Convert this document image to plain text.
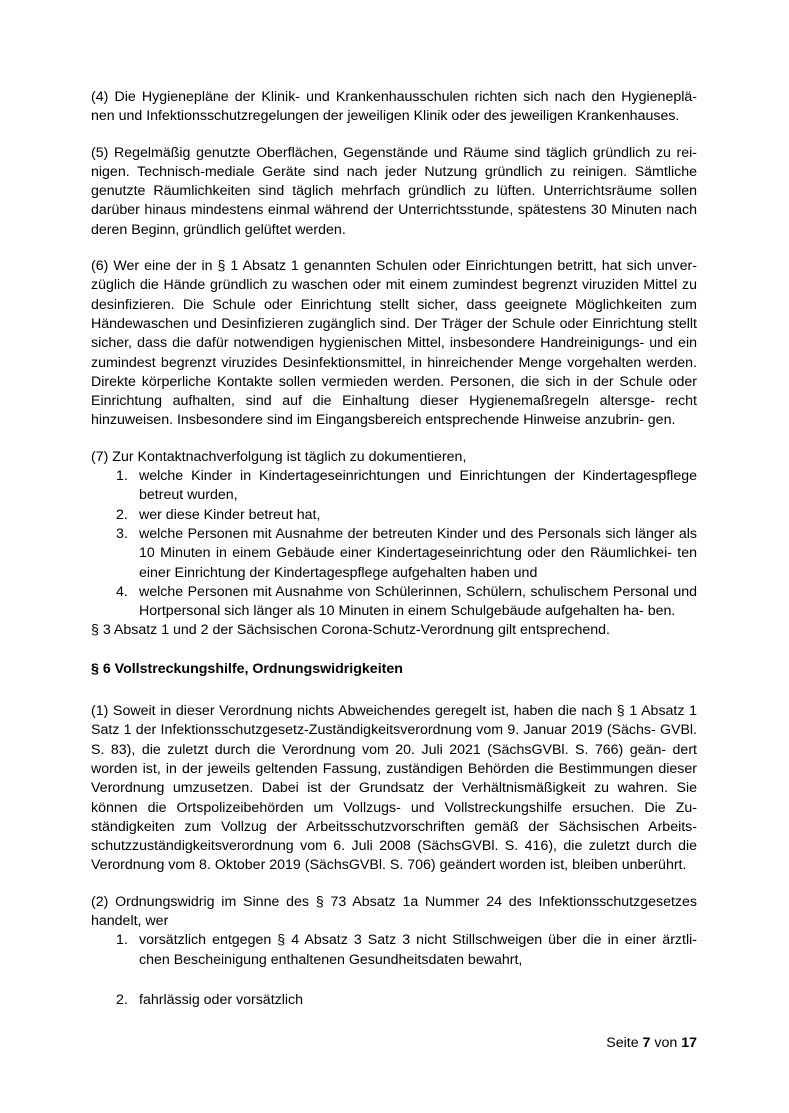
(4) Die Hygienepläne der Klinik- und Krankenhausschulen richten sich nach den Hygieneplä- nen und Infektionsschutzregelungen der jeweiligen Klinik oder des jeweiligen Krankenhauses.

(5) Regelmäßig genutzte Oberflächen, Gegenstände und Räume sind täglich gründlich zu rei- nigen. Technisch-mediale Geräte sind nach jeder Nutzung gründlich zu reinigen. Sämtliche genutzte Räumlichkeiten sind täglich mehrfach gründlich zu lüften. Unterrichtsräume sollen darüber hinaus mindestens einmal während der Unterrichtsstunde, spätestens 30 Minuten nach deren Beginn, gründlich gelüftet werden.

(6) Wer eine der in § 1 Absatz 1 genannten Schulen oder Einrichtungen betritt, hat sich unver- züglich die Hände gründlich zu waschen oder mit einem zumindest begrenzt viruziden Mittel zu desinfizieren. Die Schule oder Einrichtung stellt sicher, dass geeignete Möglichkeiten zum Händewaschen und Desinfizieren zugänglich sind. Der Träger der Schule oder Einrichtung stellt sicher, dass die dafür notwendigen hygienischen Mittel, insbesondere Handreinigungs- und ein zumindest begrenzt viruzides Desinfektionsmittel, in hinreichender Menge vorgehalten werden. Direkte körperliche Kontakte sollen vermieden werden. Personen, die sich in der Schule oder Einrichtung aufhalten, sind auf die Einhaltung dieser Hygienemaßregeln altersge- recht hinzuweisen. Insbesondere sind im Eingangsbereich entsprechende Hinweise anzubrin- gen.

(7) Zur Kontaktnachverfolgung ist täglich zu dokumentieren,

1. welche Kinder in Kindertageseinrichtungen und Einrichtungen der Kindertagespflege betreut wurden,
2. wer diese Kinder betreut hat,
3. welche Personen mit Ausnahme der betreuten Kinder und des Personals sich länger als 10 Minuten in einem Gebäude einer Kindertageseinrichtung oder den Räumlichkei- ten einer Einrichtung der Kindertagespflege aufgehalten haben und
4. welche Personen mit Ausnahme von Schülerinnen, Schülern, schulischem Personal und Hortpersonal sich länger als 10 Minuten in einem Schulgebäude aufgehalten ha- ben.

§ 3 Absatz 1 und 2 der Sächsischen Corona-Schutz-Verordnung gilt entsprechend.

§ 6 Vollstreckungshilfe, Ordnungswidrigkeiten

(1) Soweit in dieser Verordnung nichts Abweichendes geregelt ist, haben die nach § 1 Absatz 1 Satz 1 der Infektionsschutzgesetz-Zuständigkeitsverordnung vom 9. Januar 2019 (Sächs- GVBl. S. 83), die zuletzt durch die Verordnung vom 20. Juli 2021 (SächsGVBl. S. 766) geän- dert worden ist, in der jeweils geltenden Fassung, zuständigen Behörden die Bestimmungen dieser Verordnung umzusetzen. Dabei ist der Grundsatz der Verhältnismäßigkeit zu wahren. Sie können die Ortspolizeibehörden um Vollzugs- und Vollstreckungshilfe ersuchen. Die Zu- ständigkeiten zum Vollzug der Arbeitsschutzvorschriften gemäß der Sächsischen Arbeits- schutzzuständigkeitsverordnung vom 6. Juli 2008 (SächsGVBl. S. 416), die zuletzt durch die Verordnung vom 8. Oktober 2019 (SächsGVBl. S. 706) geändert worden ist, bleiben unberührt.

(2) Ordnungswidrig im Sinne des § 73 Absatz 1a Nummer 24 des Infektionsschutzgesetzes handelt, wer

1. vorsätzlich entgegen § 4 Absatz 3 Satz 3 nicht Stillschweigen über die in einer ärztli- chen Bescheinigung enthaltenen Gesundheitsdaten bewahrt,
2. fahrlässig oder vorsätzlich
Seite 7 von 17
